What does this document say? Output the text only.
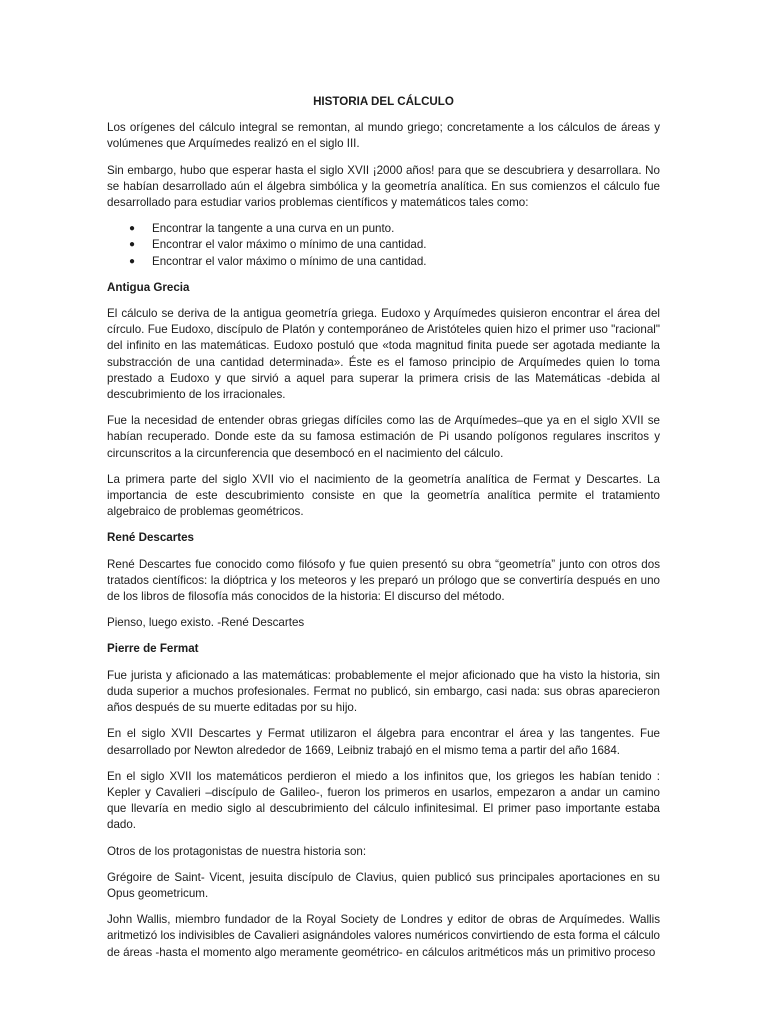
HISTORIA DEL CÁLCULO
Los orígenes del cálculo integral se remontan, al mundo griego; concretamente a los cálculos de áreas y volúmenes que Arquímedes realizó en el siglo III.
Sin embargo, hubo que esperar hasta el siglo XVII ¡2000 años! para que se descubriera y desarrollara. No se habían desarrollado aún el álgebra simbólica y la geometría analítica. En sus comienzos el cálculo fue desarrollado para estudiar varios problemas científicos y matemáticos tales como:
● Encontrar la tangente a una curva en un punto.
● Encontrar el valor máximo o mínimo de una cantidad.
● Encontrar el valor máximo o mínimo de una cantidad.
Antigua Grecia
El cálculo se deriva de la antigua geometría griega. Eudoxo y Arquímedes quisieron encontrar el área del círculo. Fue Eudoxo, discípulo de Platón y contemporáneo de Aristóteles quien hizo el primer uso "racional" del infinito en las matemáticas. Eudoxo postuló que «toda magnitud finita puede ser agotada mediante la substracción de una cantidad determinada». Éste es el famoso principio de Arquímedes quien lo toma prestado a Eudoxo y que sirvió a aquel para superar la primera crisis de las Matemáticas -debida al descubrimiento de los irracionales.
Fue la necesidad de entender obras griegas difíciles como las de Arquímedes–que ya en el siglo XVII se habían recuperado. Donde este da su famosa estimación de Pi usando polígonos regulares inscritos y circunscritos a la circunferencia que desembocó en el nacimiento del cálculo.
La primera parte del siglo XVII vio el nacimiento de la geometría analítica de Fermat y Descartes. La importancia de este descubrimiento consiste en que la geometría analítica permite el tratamiento algebraico de problemas geométricos.
René Descartes
René Descartes fue conocido como filósofo y fue quien presentó su obra “geometría” junto con otros dos tratados científicos: la dióptrica y los meteoros y les preparó un prólogo que se convertiría después en uno de los libros de filosofía más conocidos de la historia: El discurso del método.
Pienso, luego existo. -René Descartes
Pierre de Fermat
Fue jurista y aficionado a las matemáticas: probablemente el mejor aficionado que ha visto la historia, sin duda superior a muchos profesionales. Fermat no publicó, sin embargo, casi nada: sus obras aparecieron años después de su muerte editadas por su hijo.
En el siglo XVII Descartes y Fermat utilizaron el álgebra para encontrar el área y las tangentes. Fue desarrollado por Newton alrededor de 1669, Leibniz trabajó en el mismo tema a partir del año 1684.
En el siglo XVII los matemáticos perdieron el miedo a los infinitos que, los griegos les habían tenido : Kepler y Cavalieri –discípulo de Galileo-, fueron los primeros en usarlos, empezaron a andar un camino que llevaría en medio siglo al descubrimiento del cálculo infinitesimal. El primer paso importante estaba dado.
Otros de los protagonistas de nuestra historia son:
Grégoire de Saint- Vicent, jesuita discípulo de Clavius, quien publicó sus principales aportaciones en su Opus geometricum.
John Wallis, miembro fundador de la Royal Society de Londres y editor de obras de Arquímedes. Wallis aritmetizó los indivisibles de Cavalieri asignándoles valores numéricos convirtiendo de esta forma el cálculo de áreas -hasta el momento algo meramente geométrico- en cálculos aritméticos más un primitivo proceso
